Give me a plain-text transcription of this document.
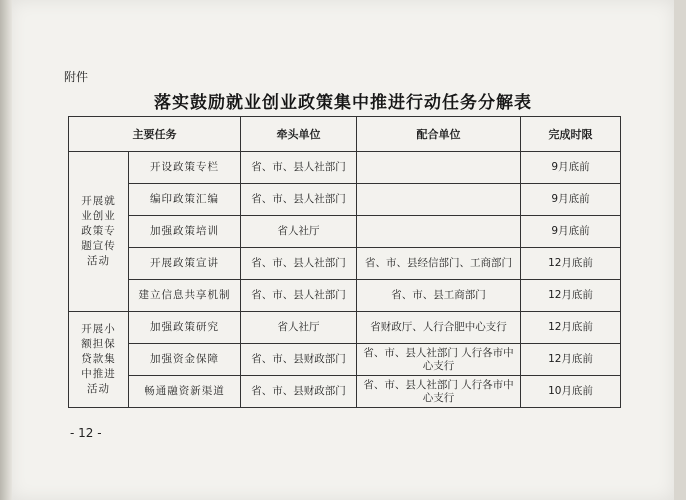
附件
落实鼓励就业创业政策集中推进行动任务分解表
主要任务		牵头单位	配合单位	完成时限
开展就业创业政策专题宣传活动	开设政策专栏	省、市、县人社部门		9月底前
	编印政策汇编	省、市、县人社部门		9月底前
	加强政策培训	省人社厅		9月底前
	开展政策宣讲	省、市、县人社部门	省、市、县经信部门、工商部门	12月底前
	建立信息共享机制	省、市、县人社部门	省、市、县工商部门	12月底前
开展小额担保贷款集中推进活动	加强政策研究	省人社厅	省财政厅、人行合肥中心支行	12月底前
	加强资金保障	省、市、县财政部门	省、市、县人社部门 人行各市中心支行	12月底前
	畅通融资新渠道	省、市、县财政部门	省、市、县人社部门 人行各市中心支行	10月底前
- 12 -
